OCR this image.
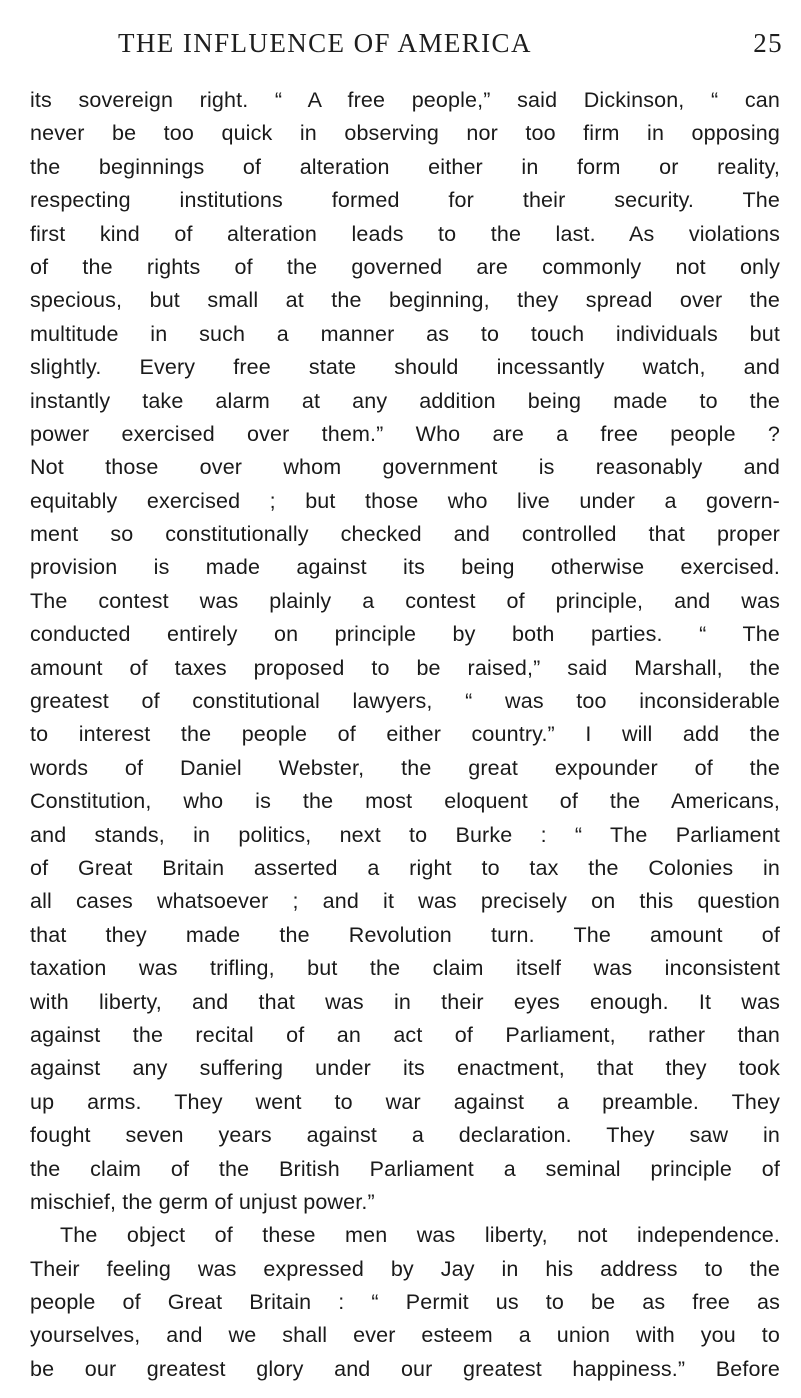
THE INFLUENCE OF AMERICA	25
its sovereign right. “ A free people,” said Dickinson, “ can
never be too quick in observing nor too firm in opposing
the beginnings of alteration either in form or reality,
respecting institutions formed for their security. The
first kind of alteration leads to the last. As violations
of the rights of the governed are commonly not only
specious, but small at the beginning, they spread over the
multitude in such a manner as to touch individuals but
slightly. Every free state should incessantly watch, and
instantly take alarm at any addition being made to the
power exercised over them.” Who are a free people ?
Not those over whom government is reasonably and
equitably exercised ; but those who live under a govern-
ment so constitutionally checked and controlled that proper
provision is made against its being otherwise exercised.
The contest was plainly a contest of principle, and was
conducted entirely on principle by both parties. “ The
amount of taxes proposed to be raised,” said Marshall, the
greatest of constitutional lawyers, “ was too inconsiderable
to interest the people of either country.” I will add the
words of Daniel Webster, the great expounder of the
Constitution, who is the most eloquent of the Americans,
and stands, in politics, next to Burke : “ The Parliament
of Great Britain asserted a right to tax the Colonies in
all cases whatsoever ; and it was precisely on this question
that they made the Revolution turn. The amount of
taxation was trifling, but the claim itself was inconsistent
with liberty, and that was in their eyes enough. It was
against the recital of an act of Parliament, rather than
against any suffering under its enactment, that they took
up arms. They went to war against a preamble. They
fought seven years against a declaration. They saw in
the claim of the British Parliament a seminal principle of
mischief, the germ of unjust power.”
The object of these men was liberty, not independence.
Their feeling was expressed by Jay in his address to the
people of Great Britain : “ Permit us to be as free as
yourselves, and we shall ever esteem a union with you to
be our greatest glory and our greatest happiness.” Before
